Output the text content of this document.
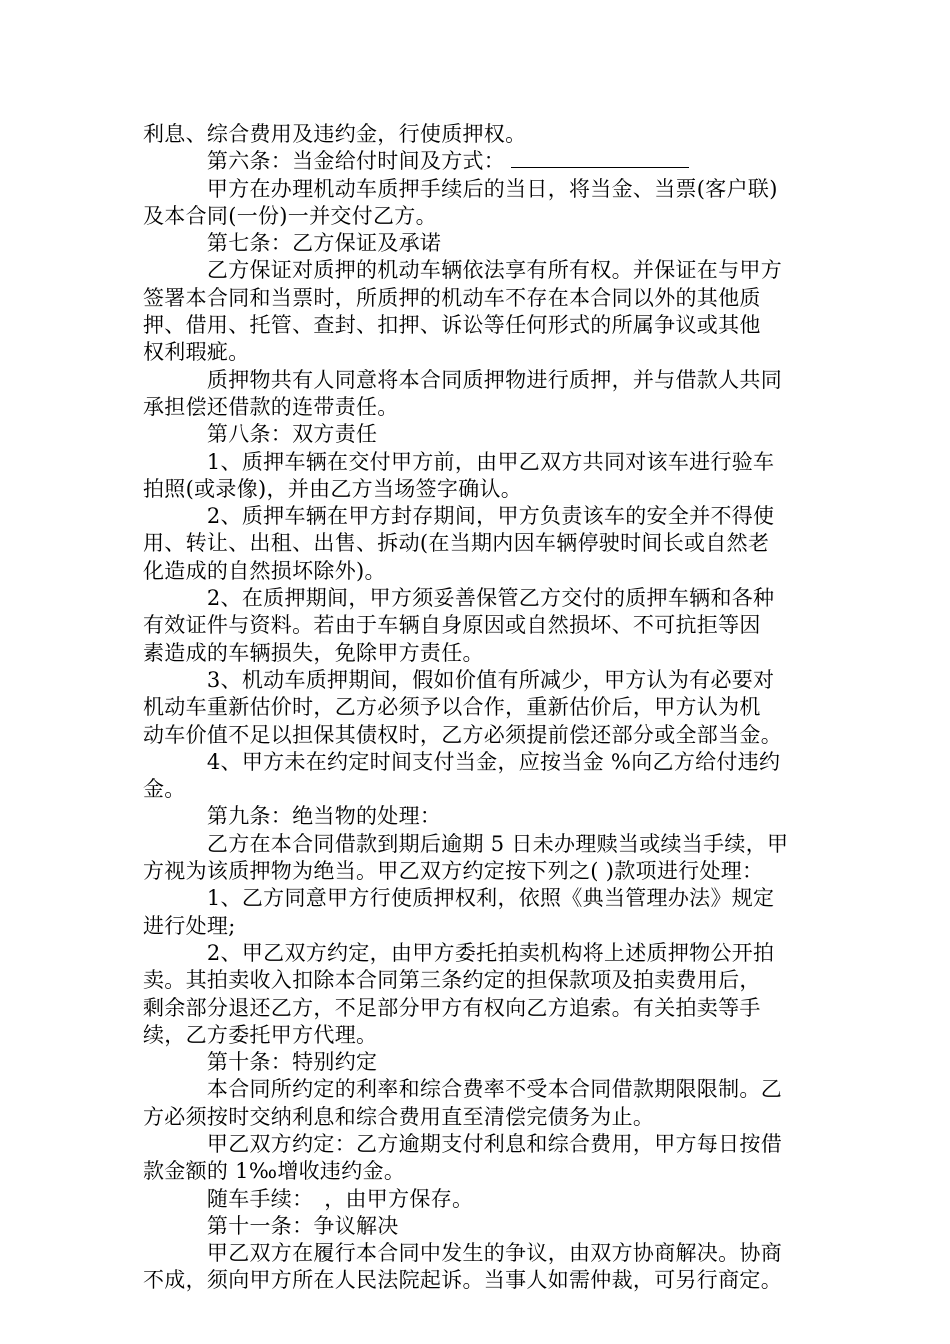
利息、综合费用及违约金，行使质押权。
　　　第六条：当金给付时间及方式：
　　　甲方在办理机动车质押手续后的当日，将当金、当票(客户联)
及本合同(一份)一并交付乙方。
　　　第七条：乙方保证及承诺
　　　乙方保证对质押的机动车辆依法享有所有权。并保证在与甲方
签署本合同和当票时，所质押的机动车不存在本合同以外的其他质
押、借用、托管、查封、扣押、诉讼等任何形式的所属争议或其他
权利瑕疵。
　　　质押物共有人同意将本合同质押物进行质押，并与借款人共同
承担偿还借款的连带责任。
　　　第八条：双方责任
　　　1、质押车辆在交付甲方前，由甲乙双方共同对该车进行验车
拍照(或录像)，并由乙方当场签字确认。
　　　2、质押车辆在甲方封存期间，甲方负责该车的安全并不得使
用、转让、出租、出售、拆动(在当期内因车辆停驶时间长或自然老
化造成的自然损坏除外)。
　　　2、在质押期间，甲方须妥善保管乙方交付的质押车辆和各种
有效证件与资料。若由于车辆自身原因或自然损坏、不可抗拒等因
素造成的车辆损失，免除甲方责任。
　　　3、机动车质押期间，假如价值有所减少，甲方认为有必要对
机动车重新估价时，乙方必须予以合作，重新估价后，甲方认为机
动车价值不足以担保其债权时，乙方必须提前偿还部分或全部当金。
　　　4、甲方未在约定时间支付当金，应按当金 %向乙方给付违约
金。
　　　第九条：绝当物的处理：
　　　乙方在本合同借款到期后逾期 5 日未办理赎当或续当手续，甲
方视为该质押物为绝当。甲乙双方约定按下列之( )款项进行处理：
　　　1、乙方同意甲方行使质押权利，依照《典当管理办法》规定
进行处理;
　　　2、甲乙双方约定，由甲方委托拍卖机构将上述质押物公开拍
卖。其拍卖收入扣除本合同第三条约定的担保款项及拍卖费用后，
剩余部分退还乙方，不足部分甲方有权向乙方追索。有关拍卖等手
续，乙方委托甲方代理。
　　　第十条：特别约定
　　　本合同所约定的利率和综合费率不受本合同借款期限限制。乙
方必须按时交纳利息和综合费用直至清偿完债务为止。
　　　甲乙双方约定：乙方逾期支付利息和综合费用，甲方每日按借
款金额的 1‰增收违约金。
　　　随车手续：　，由甲方保存。
　　　第十一条：争议解决
　　　甲乙双方在履行本合同中发生的争议，由双方协商解决。协商
不成，须向甲方所在人民法院起诉。当事人如需仲裁，可另行商定。
